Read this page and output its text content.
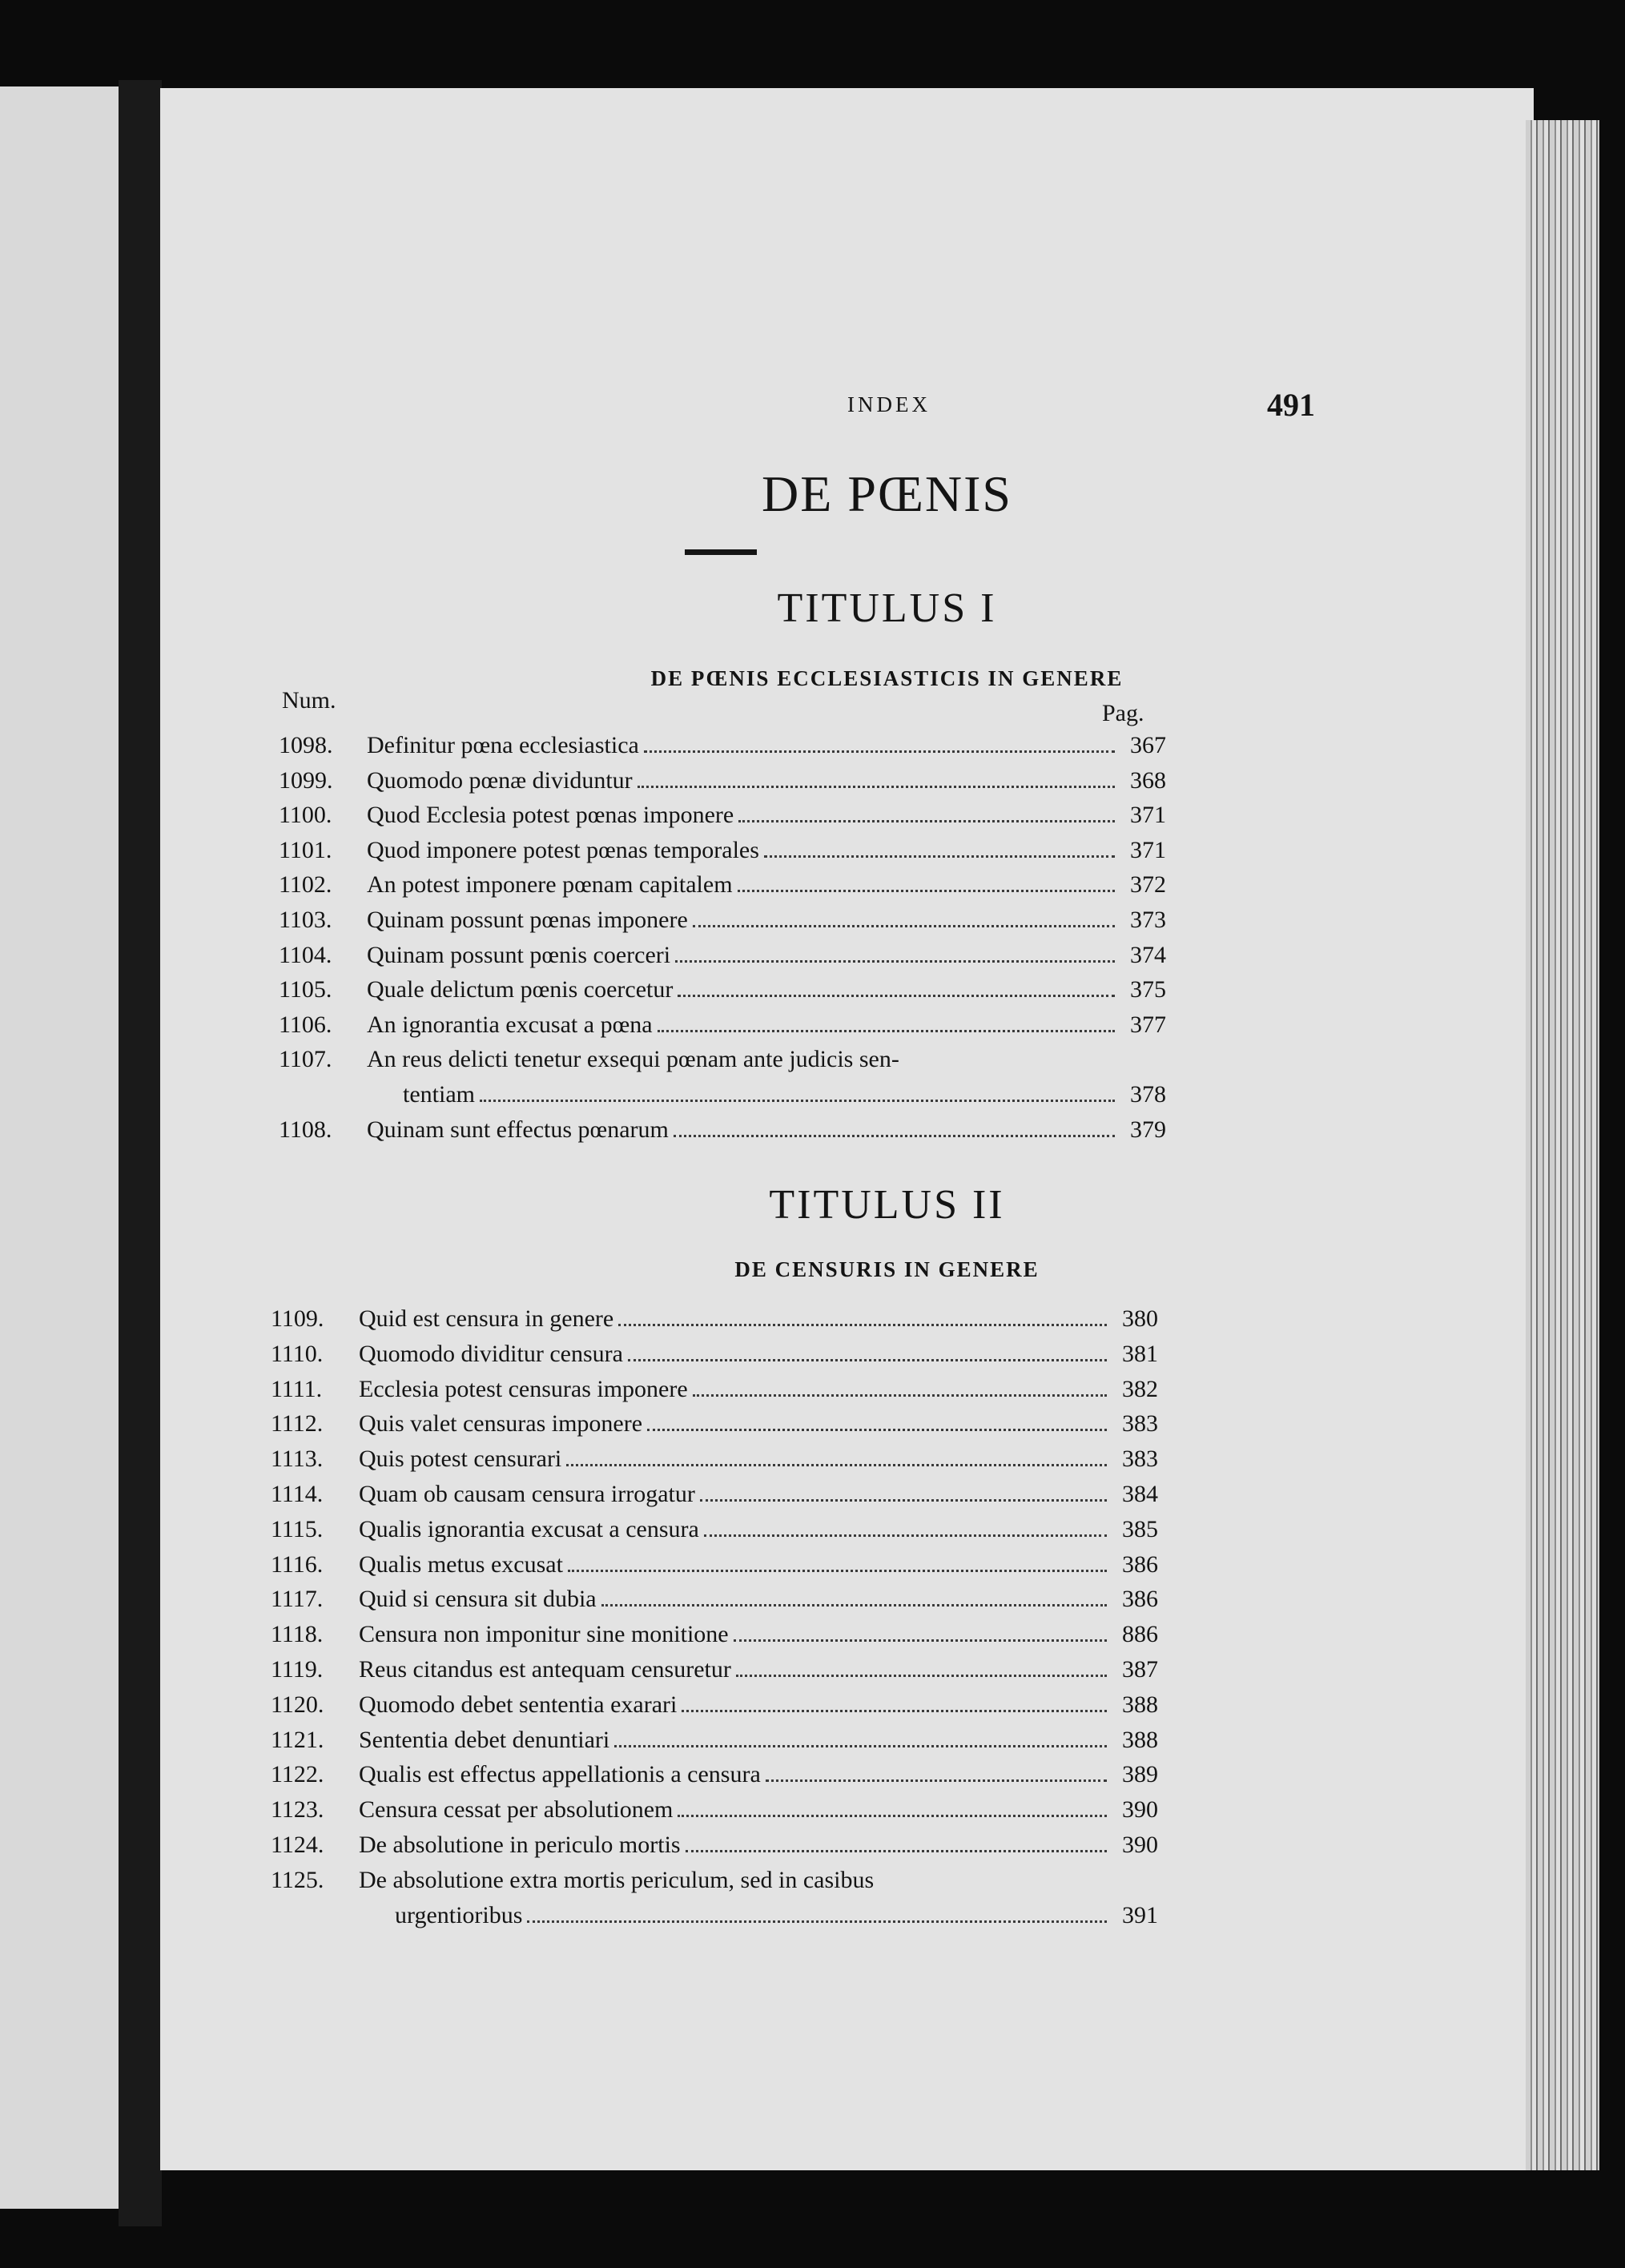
INDEX	491
DE PŒNIS
TITULUS I
DE PŒNIS ECCLESIASTICIS IN GENERE
Num.	Pag.
1098.	Definitur pœna ecclesiastica	367
1099.	Quomodo pœnæ dividuntur	368
1100.	Quod Ecclesia potest pœnas imponere	371
1101.	Quod imponere potest pœnas temporales	371
1102.	An potest imponere pœnam capitalem	372
1103.	Quinam possunt pœnas imponere	373
1104.	Quinam possunt pœnis coerceri	374
1105.	Quale delictum pœnis coercetur	375
1106.	An ignorantia excusat a pœna	377
1107.	An reus delicti tenetur exsequi pœnam ante judicis sen-
tentiam	378
1108.	Quinam sunt effectus pœnarum	379
TITULUS II
DE CENSURIS IN GENERE
1109.	Quid est censura in genere	380
1110.	Quomodo dividitur censura	381
1111.	Ecclesia potest censuras imponere	382
1112.	Quis valet censuras imponere	383
1113.	Quis potest censurari	383
1114.	Quam ob causam censura irrogatur	384
1115.	Qualis ignorantia excusat a censura	385
1116.	Qualis metus excusat	386
1117.	Quid si censura sit dubia	386
1118.	Censura non imponitur sine monitione	886
1119.	Reus citandus est antequam censuretur	387
1120.	Quomodo debet sententia exarari	388
1121.	Sententia debet denuntiari	388
1122.	Qualis est effectus appellationis a censura	389
1123.	Censura cessat per absolutionem	390
1124.	De absolutione in periculo mortis	390
1125.	De absolutione extra mortis periculum, sed in casibus
urgentioribus	391
